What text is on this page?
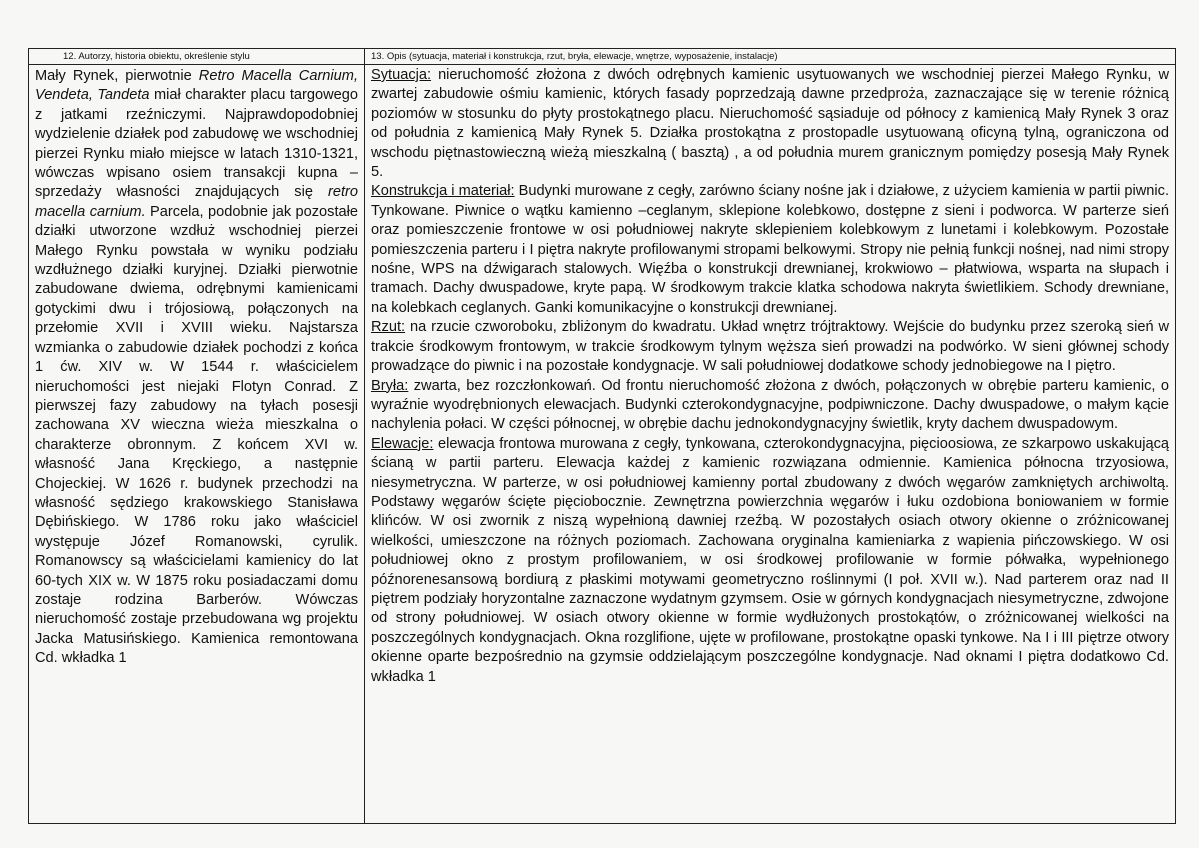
12. Autorzy, historia obiektu, określenie stylu
Mały Rynek, pierwotnie Retro Macella Carnium, Vendeta, Tandeta miał charakter placu targowego z jatkami rzeźniczymi. Najprawdopodobniej wydzielenie działek pod zabudowę we wschodniej pierzei Rynku miało miejsce w latach 1310-1321, wówczas wpisano osiem transakcji kupna – sprzedaży własności znajdujących się retro macella carnium. Parcela, podobnie jak pozostałe działki utworzone wzdłuż wschodniej pierzei Małego Rynku powstała w wyniku podziału wzdłużnego działki kuryjnej. Działki pierwotnie zabudowane dwiema, odrębnymi kamienicami gotyckimi dwu i trójosiową, połączonych na przełomie XVII i XVIII wieku. Najstarsza wzmianka o zabudowie działek pochodzi z końca 1 ćw. XIV w. W 1544 r. właścicielem nieruchomości jest niejaki Flotyn Conrad. Z pierwszej fazy zabudowy na tyłach posesji zachowana XV wieczna wieża mieszkalna o charakterze obronnym. Z końcem XVI w. własność Jana Kręckiego, a następnie Chojeckiej. W 1626 r. budynek przechodzi na własność sędziego krakowskiego Stanisława Dębińskiego. W 1786 roku jako właściciel występuje Józef Romanowski, cyrulik. Romanowscy są właścicielami kamienicy do lat 60-tych XIX w. W 1875 roku posiadaczami domu zostaje rodzina Barberów. Wówczas nieruchomość zostaje przebudowana wg projektu Jacka Matusińskiego. Kamienica remontowana Cd. wkładka 1
13. Opis (sytuacja, materiał i konstrukcja, rzut, bryła, elewacje, wnętrze, wyposażenie, instalacje)

Sytuacja: nieruchomość złożona z dwóch odrębnych kamienic usytuowanych we wschodniej pierzei Małego Rynku, w zwartej zabudowie ośmiu kamienic, których fasady poprzedzają dawne przedproża, zaznaczające się w terenie różnicą poziomów w stosunku do płyty prostokątnego placu. Nieruchomość sąsiaduje od północy z kamienicą Mały Rynek 3 oraz od południa z kamienicą Mały Rynek 5. Działka prostokątna z prostopadle usytuowaną oficyną tylną, ograniczona od wschodu piętnastowieczną wieżą mieszkalną ( basztą) , a od południa murem granicznym pomiędzy posesją Mały Rynek 5.

Konstrukcja i materiał: Budynki murowane z cegły, zarówno ściany nośne jak i działowe, z użyciem kamienia w partii piwnic. Tynkowane. Piwnice o wątku kamienno –ceglanym, sklepione kolebkowo, dostępne z sieni i podworca. W parterze sień oraz pomieszczenie frontowe w osi południowej nakryte sklepieniem kolebkowym z lunetami i kolebkowym. Pozostałe pomieszczenia parteru i I piętra nakryte profilowanymi stropami belkowymi. Stropy nie pełnią funkcji nośnej, nad nimi stropy nośne, WPS na dźwigarach stalowych. Więźba o konstrukcji drewnianej, krokwiowo – płatwiowa, wsparta na słupach i tramach. Dachy dwuspadowe, kryte papą. W środkowym trakcie klatka schodowa nakryta świetlikiem. Schody drewniane, na kolebkach ceglanych. Ganki komunikacyjne o konstrukcji drewnianej.

Rzut: na rzucie czworoboku, zbliżonym do kwadratu. Układ wnętrz trójtraktowy. Wejście do budynku przez szeroką sień w trakcie środkowym frontowym, w trakcie środkowym tylnym węższa sień prowadzi na podwórko. W sieni głównej schody prowadzące do piwnic i na pozostałe kondygnacje. W sali południowej dodatkowe schody jednobiegowe na I piętro.

Bryła: zwarta, bez rozczłonkowań. Od frontu nieruchomość złożona z dwóch, połączonych w obrębie parteru kamienic, o wyraźnie wyodrębnionych elewacjach. Budynki czterokondygnacyjne, podpiwniczone. Dachy dwuspadowe, o małym kącie nachylenia połaci. W części północnej, w obrębie dachu jednokondygnacyjny świetlik, kryty dachem dwuspadowym.

Elewacje: elewacja frontowa murowana z cegły, tynkowana, czterokondygnacyjna, pięcioosiowa, ze szkarpowo uskakującą ścianą w partii parteru. Elewacja każdej z kamienic rozwiązana odmiennie. Kamienica północna trzyosiowa, niesymetryczna. W parterze, w osi południowej kamienny portal zbudowany z dwóch węgarów zamkniętych archiwoltą. Podstawy węgarów ścięte pięciobocznie. Zewnętrzna powierzchnia węgarów i łuku ozdobiona boniowaniem w formie klińców. W osi zwornik z niszą wypełnioną dawniej rzeźbą. W pozostałych osiach otwory okienne o zróżnicowanej wielkości, umieszczone na różnych poziomach. Zachowana oryginalna kamieniarka z wapienia pińczowskiego. W osi południowej okno z prostym profilowaniem, w osi środkowej profilowanie w formie półwałka, wypełnionego późnorenesansową bordiurą z płaskimi motywami geometryczno roślinnymi (I poł. XVII w.). Nad parterem oraz nad II piętrem podziały horyzontalne zaznaczone wydatnym gzymsem. Osie w górnych kondygnacjach niesymetryczne, zdwojone od strony południowej. W osiach otwory okienne w formie wydłużonych prostokątów, o zróżnicowanej wielkości na poszczególnych kondygnacjach. Okna rozglifione, ujęte w profilowane, prostokątne opaski tynkowe. Na I i III piętrze otwory okienne oparte bezpośrednio na gzymsie oddzielającym poszczególne kondygnacje. Nad oknami I piętra dodatkowo Cd. wkładka 1
